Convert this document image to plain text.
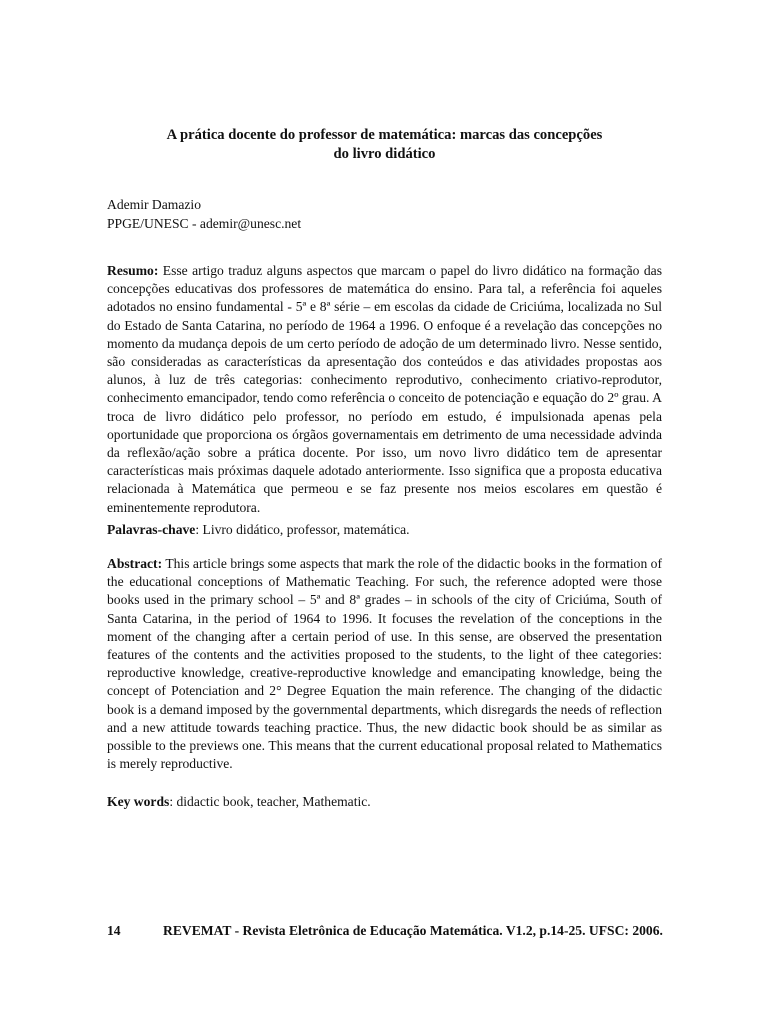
A prática docente do professor de matemática: marcas das concepções
do livro didático
Ademir Damazio
PPGE/UNESC - ademir@unesc.net

Resumo: Esse artigo traduz alguns aspectos que marcam o papel do livro didático na formação das concepções educativas dos professores de matemática do ensino. Para tal, a referência foi aqueles adotados no ensino fundamental - 5ª e 8ª série – em escolas da cidade de Criciúma, localizada no Sul do Estado de Santa Catarina, no período de 1964 a 1996. O enfoque é a revelação das concepções no momento da mudança depois de um certo período de adoção de um determinado livro. Nesse sentido, são consideradas as características da apresentação dos conteúdos e das atividades propostas aos alunos, à luz de três categorias: conhecimento reprodutivo, conhecimento criativo-reprodutor, conhecimento emancipador, tendo como referência o conceito de potenciação e equação do 2º grau. A troca de livro didático pelo professor, no período em estudo, é impulsionada apenas pela oportunidade que proporciona os órgãos governamentais em detrimento de uma necessidade advinda da reflexão/ação sobre a prática docente. Por isso, um novo livro didático tem de apresentar características mais próximas daquele adotado anteriormente. Isso significa que a proposta educativa relacionada à Matemática que permeou e se faz presente nos meios escolares em questão é eminentemente reprodutora.

Palavras-chave: Livro didático, professor, matemática.

Abstract: This article brings some aspects that mark the role of the didactic books in the formation of the educational conceptions of Mathematic Teaching. For such, the reference adopted were those books used in the primary school – 5ª and 8ª grades – in schools of the city of Criciúma, South of Santa Catarina, in the period of 1964 to 1996. It focuses the revelation of the conceptions in the moment of the changing after a certain period of use. In this sense, are observed the presentation features of the contents and the activities proposed to the students, to the light of thee categories: reproductive knowledge, creative-reproductive knowledge and emancipating knowledge, being the concept of Potenciation and 2° Degree Equation the main reference. The changing of the didactic book is a demand imposed by the governmental departments, which disregards the needs of reflection and a new attitude towards teaching practice. Thus, the new didactic book should be as similar as possible to the previews one. This means that the current educational proposal related to Mathematics is merely reproductive.

Key words: didactic book, teacher, Mathematic.

14	REVEMAT - Revista Eletrônica de Educação Matemática. V1.2, p.14-25. UFSC: 2006.
